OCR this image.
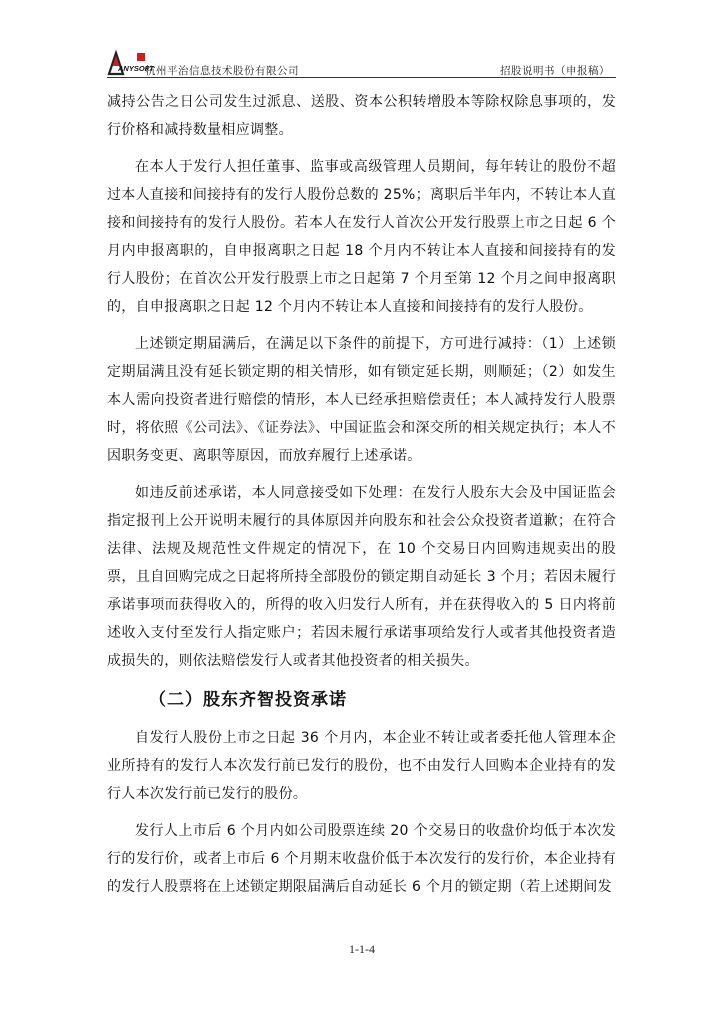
ANYSOFT
杭州平治信息技术股份有限公司	招股说明书（申报稿）

减持公告之日公司发生过派息、送股、资本公积转增股本等除权除息事项的，发行价格和减持数量相应调整。

在本人于发行人担任董事、监事或高级管理人员期间，每年转让的股份不超过本人直接和间接持有的发行人股份总数的 25%；离职后半年内，不转让本人直接和间接持有的发行人股份。若本人在发行人首次公开发行股票上市之日起 6 个月内申报离职的，自申报离职之日起 18 个月内不转让本人直接和间接持有的发行人股份；在首次公开发行股票上市之日起第 7 个月至第 12 个月之间申报离职的，自申报离职之日起 12 个月内不转让本人直接和间接持有的发行人股份。

上述锁定期届满后，在满足以下条件的前提下，方可进行减持：（1）上述锁定期届满且没有延长锁定期的相关情形，如有锁定延长期，则顺延；（2）如发生本人需向投资者进行赔偿的情形，本人已经承担赔偿责任；本人减持发行人股票时，将依照《公司法》、《证券法》、中国证监会和深交所的相关规定执行；本人不因职务变更、离职等原因，而放弃履行上述承诺。

如违反前述承诺，本人同意接受如下处理：在发行人股东大会及中国证监会指定报刊上公开说明未履行的具体原因并向股东和社会公众投资者道歉；在符合法律、法规及规范性文件规定的情况下，在 10 个交易日内回购违规卖出的股票，且自回购完成之日起将所持全部股份的锁定期自动延长 3 个月；若因未履行承诺事项而获得收入的，所得的收入归发行人所有，并在获得收入的 5 日内将前述收入支付至发行人指定账户；若因未履行承诺事项给发行人或者其他投资者造成损失的，则依法赔偿发行人或者其他投资者的相关损失。

（二）股东齐智投资承诺

自发行人股份上市之日起 36 个月内，本企业不转让或者委托他人管理本企业所持有的发行人本次发行前已发行的股份，也不由发行人回购本企业持有的发行人本次发行前已发行的股份。

发行人上市后 6 个月内如公司股票连续 20 个交易日的收盘价均低于本次发行的发行价，或者上市后 6 个月期末收盘价低于本次发行的发行价，本企业持有的发行人股票将在上述锁定期限届满后自动延长 6 个月的锁定期（若上述期间发

1-1-4
